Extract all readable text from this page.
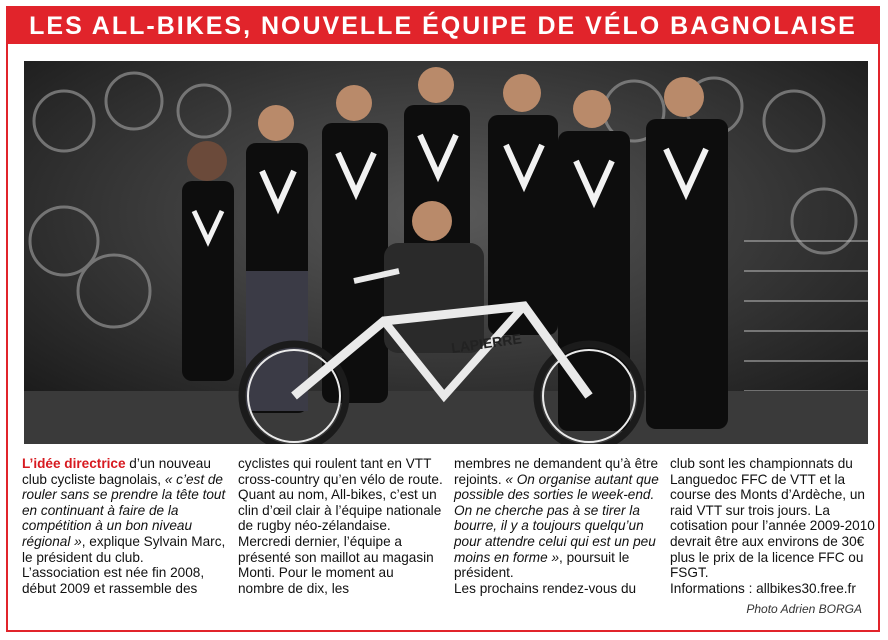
LES ALL-BIKES, NOUVELLE ÉQUIPE DE VÉLO BAGNOLAISE
LAPIERRE
L’idée directrice d’un nouveau club cycliste bagnolais, « c’est de rouler sans se prendre la tête tout en continuant à faire de la compétition à un bon niveau régional », explique Sylvain Marc, le président du club.
L’association est née fin 2008, début 2009 et rassemble des
cyclistes qui roulent tant en VTT cross-country qu’en vélo de route. Quant au nom, All-bikes, c’est un clin d’œil clair à l’équipe nationale de rugby néo-zélandaise.
Mercredi dernier, l’équipe a présenté son maillot au magasin Monti. Pour le moment au nombre de dix, les
membres ne demandent qu’à être rejoints. « On organise autant que possible des sorties le week-end. On ne cherche pas à se tirer la bourre, il y a toujours quelqu’un pour attendre celui qui est un peu moins en forme », poursuit le président.
Les prochains rendez-vous du
club sont les championnats du Languedoc FFC de VTT et la course des Monts d’Ardèche, un raid VTT sur trois jours. La cotisation pour l’année 2009-2010 devrait être aux environs de 30€ plus le prix de la licence FFC ou FSGT.
Informations : allbikes30.free.fr
Photo Adrien BORGA
